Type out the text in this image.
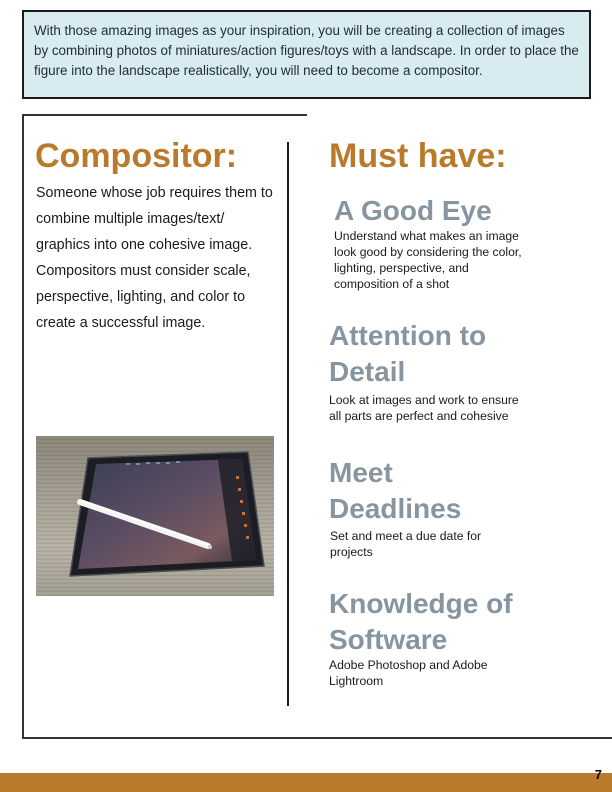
With those amazing images as your inspiration, you will be creating a collection of images by combining photos of miniatures/action figures/toys with a landscape. In order to place the figure into the landscape realistically, you will need to become a compositor.
Compositor:
Someone whose job requires them to combine multiple images/text/ graphics into one cohesive image. Compositors must consider scale, perspective, lighting, and color to create a successful image.
Must have:
A Good Eye
Understand what makes an image look good by considering the color, lighting, perspective, and composition of a shot
Attention to Detail
Look at images and work to ensure all parts are perfect and cohesive
Meet Deadlines
Set and meet a due date for projects
Knowledge of Software
Adobe Photoshop and Adobe Lightroom
7
